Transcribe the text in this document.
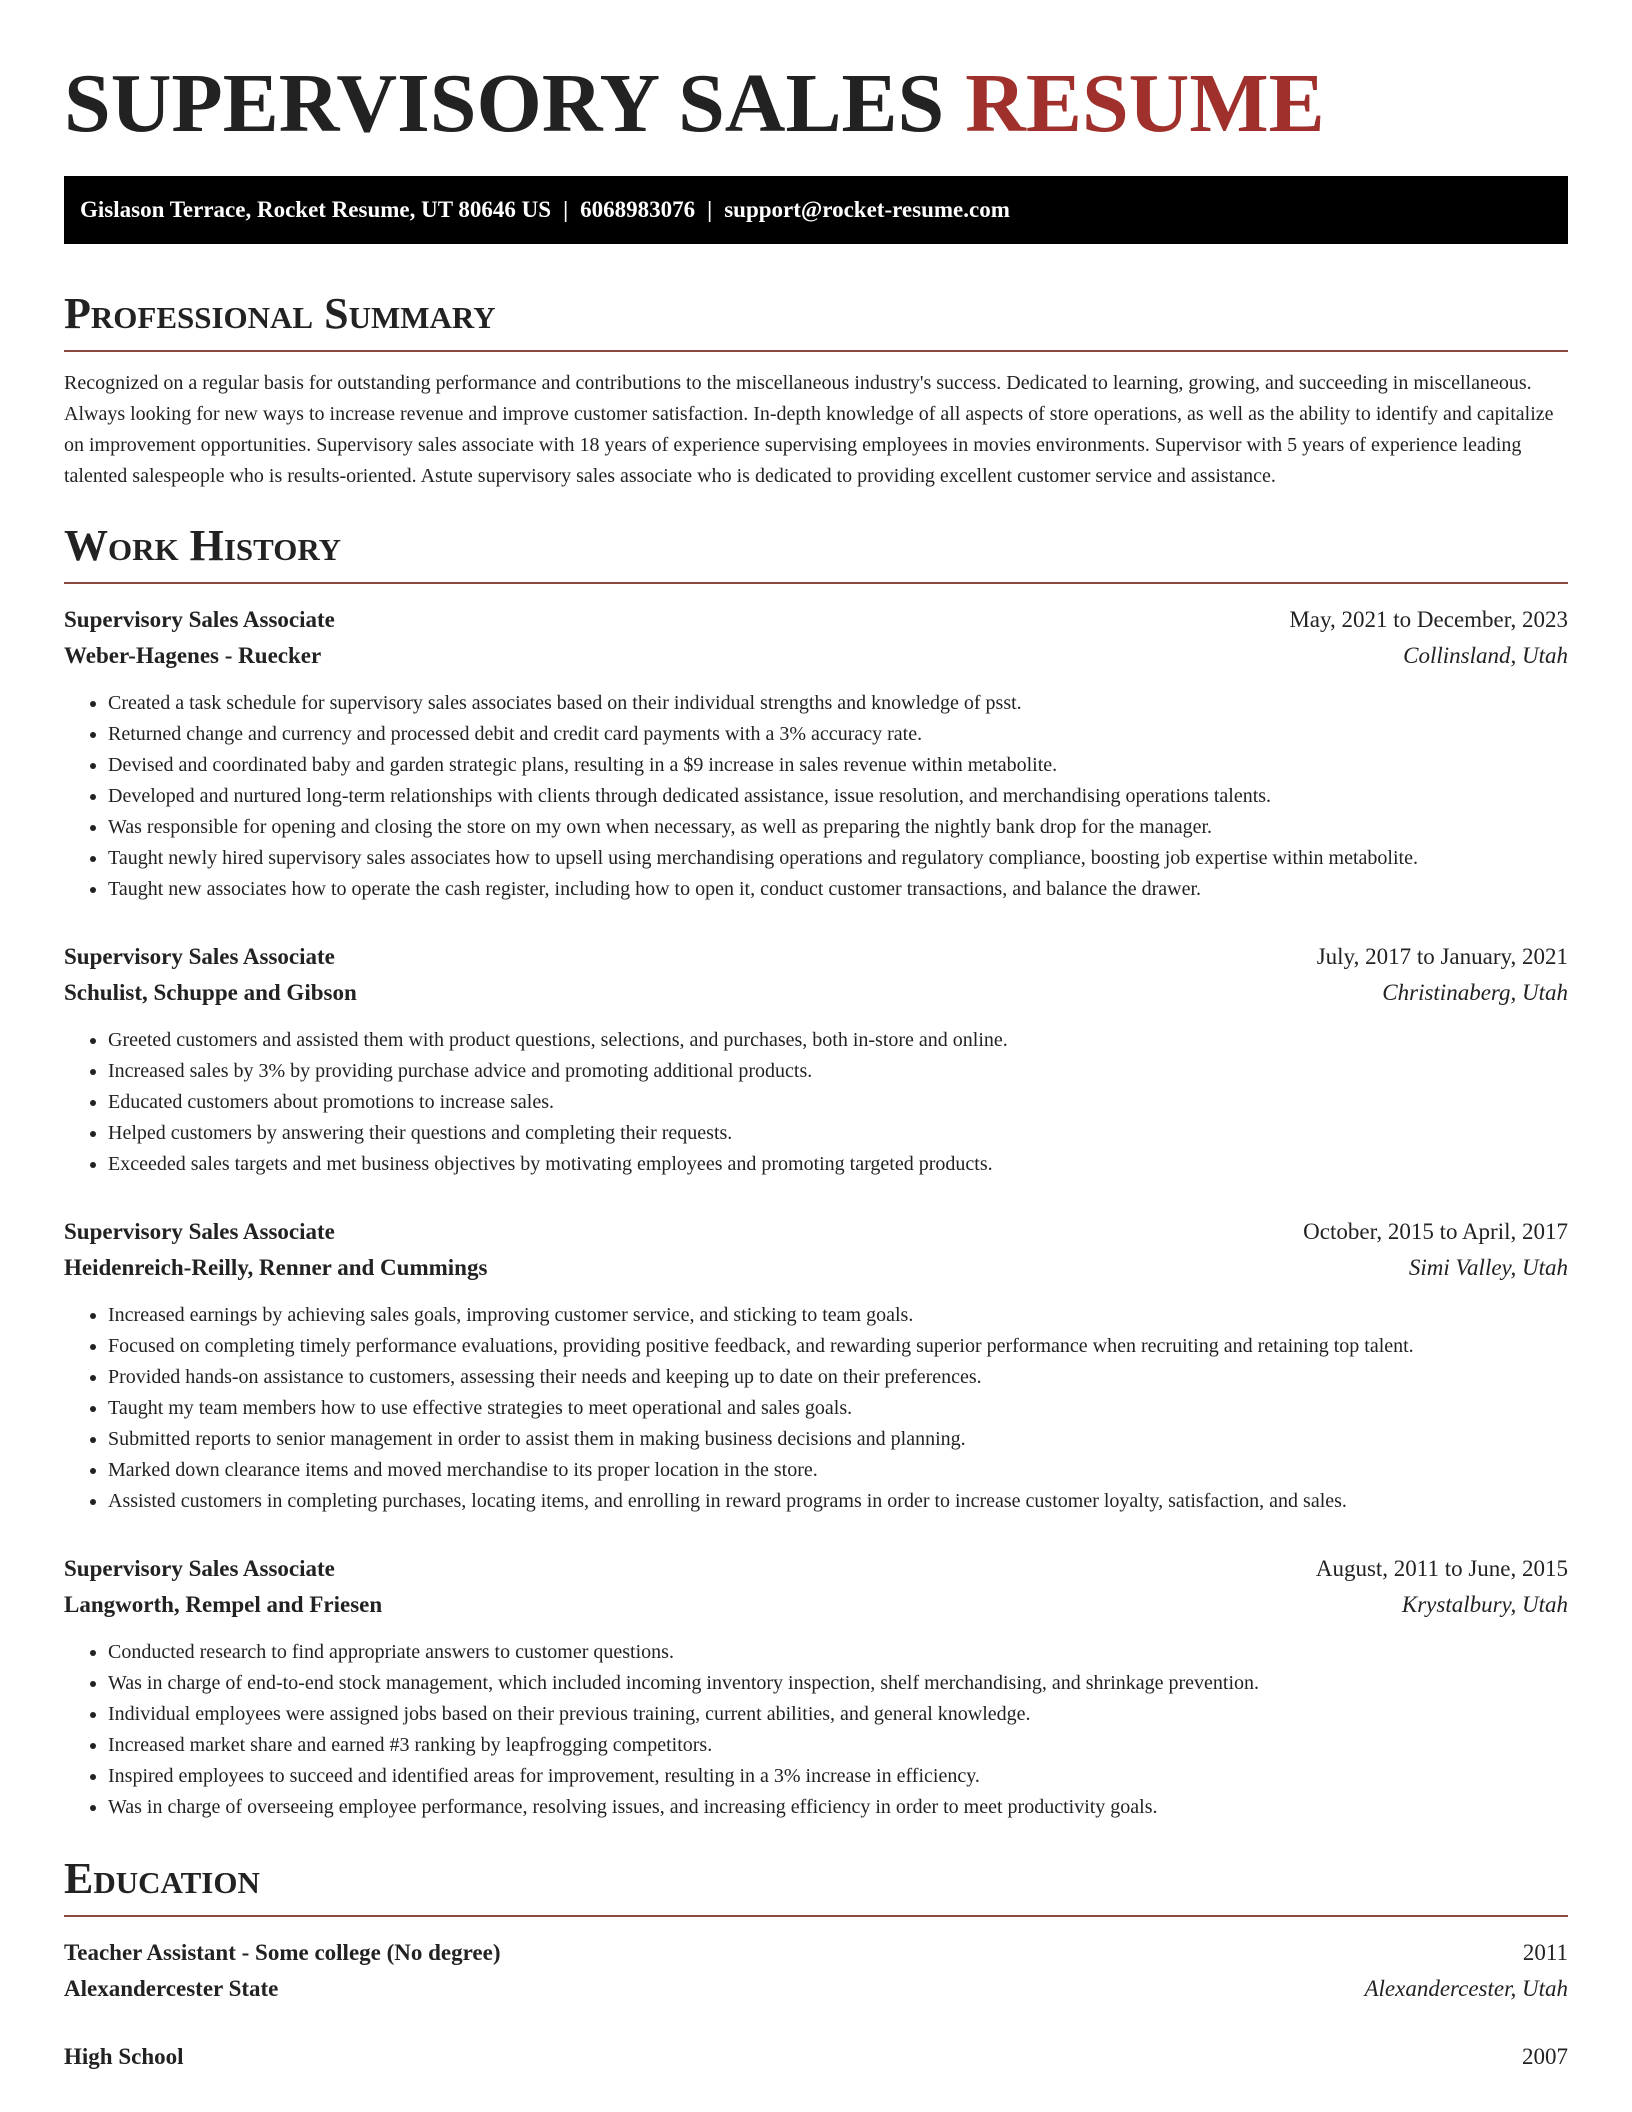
SUPERVISORY SALES RESUME
Gislason Terrace, Rocket Resume, UT 80646 US | 6068983076 | support@rocket-resume.com
Professional Summary

Recognized on a regular basis for outstanding performance and contributions to the miscellaneous industry's success. Dedicated to learning, growing, and succeeding in miscellaneous. Always looking for new ways to increase revenue and improve customer satisfaction. In-depth knowledge of all aspects of store operations, as well as the ability to identify and capitalize on improvement opportunities. Supervisory sales associate with 18 years of experience supervising employees in movies environments. Supervisor with 5 years of experience leading talented salespeople who is results-oriented. Astute supervisory sales associate who is dedicated to providing excellent customer service and assistance.

Work History
Supervisory Sales Associate	May, 2021 to December, 2023
Weber-Hagenes - Ruecker	Collinsland, Utah
• Created a task schedule for supervisory sales associates based on their individual strengths and knowledge of psst.
• Returned change and currency and processed debit and credit card payments with a 3% accuracy rate.
• Devised and coordinated baby and garden strategic plans, resulting in a $9 increase in sales revenue within metabolite.
• Developed and nurtured long-term relationships with clients through dedicated assistance, issue resolution, and merchandising operations talents.
• Was responsible for opening and closing the store on my own when necessary, as well as preparing the nightly bank drop for the manager.
• Taught newly hired supervisory sales associates how to upsell using merchandising operations and regulatory compliance, boosting job expertise within metabolite.
• Taught new associates how to operate the cash register, including how to open it, conduct customer transactions, and balance the drawer.
Supervisory Sales Associate	July, 2017 to January, 2021
Schulist, Schuppe and Gibson	Christinaberg, Utah
• Greeted customers and assisted them with product questions, selections, and purchases, both in-store and online.
• Increased sales by 3% by providing purchase advice and promoting additional products.
• Educated customers about promotions to increase sales.
• Helped customers by answering their questions and completing their requests.
• Exceeded sales targets and met business objectives by motivating employees and promoting targeted products.
Supervisory Sales Associate	October, 2015 to April, 2017
Heidenreich-Reilly, Renner and Cummings	Simi Valley, Utah
• Increased earnings by achieving sales goals, improving customer service, and sticking to team goals.
• Focused on completing timely performance evaluations, providing positive feedback, and rewarding superior performance when recruiting and retaining top talent.
• Provided hands-on assistance to customers, assessing their needs and keeping up to date on their preferences.
• Taught my team members how to use effective strategies to meet operational and sales goals.
• Submitted reports to senior management in order to assist them in making business decisions and planning.
• Marked down clearance items and moved merchandise to its proper location in the store.
• Assisted customers in completing purchases, locating items, and enrolling in reward programs in order to increase customer loyalty, satisfaction, and sales.
Supervisory Sales Associate	August, 2011 to June, 2015
Langworth, Rempel and Friesen	Krystalbury, Utah
• Conducted research to find appropriate answers to customer questions.
• Was in charge of end-to-end stock management, which included incoming inventory inspection, shelf merchandising, and shrinkage prevention.
• Individual employees were assigned jobs based on their previous training, current abilities, and general knowledge.
• Increased market share and earned #3 ranking by leapfrogging competitors.
• Inspired employees to succeed and identified areas for improvement, resulting in a 3% increase in efficiency.
• Was in charge of overseeing employee performance, resolving issues, and increasing efficiency in order to meet productivity goals.
Education
Teacher Assistant - Some college (No degree)	2011
Alexandercester State	Alexandercester, Utah
High School	2007
